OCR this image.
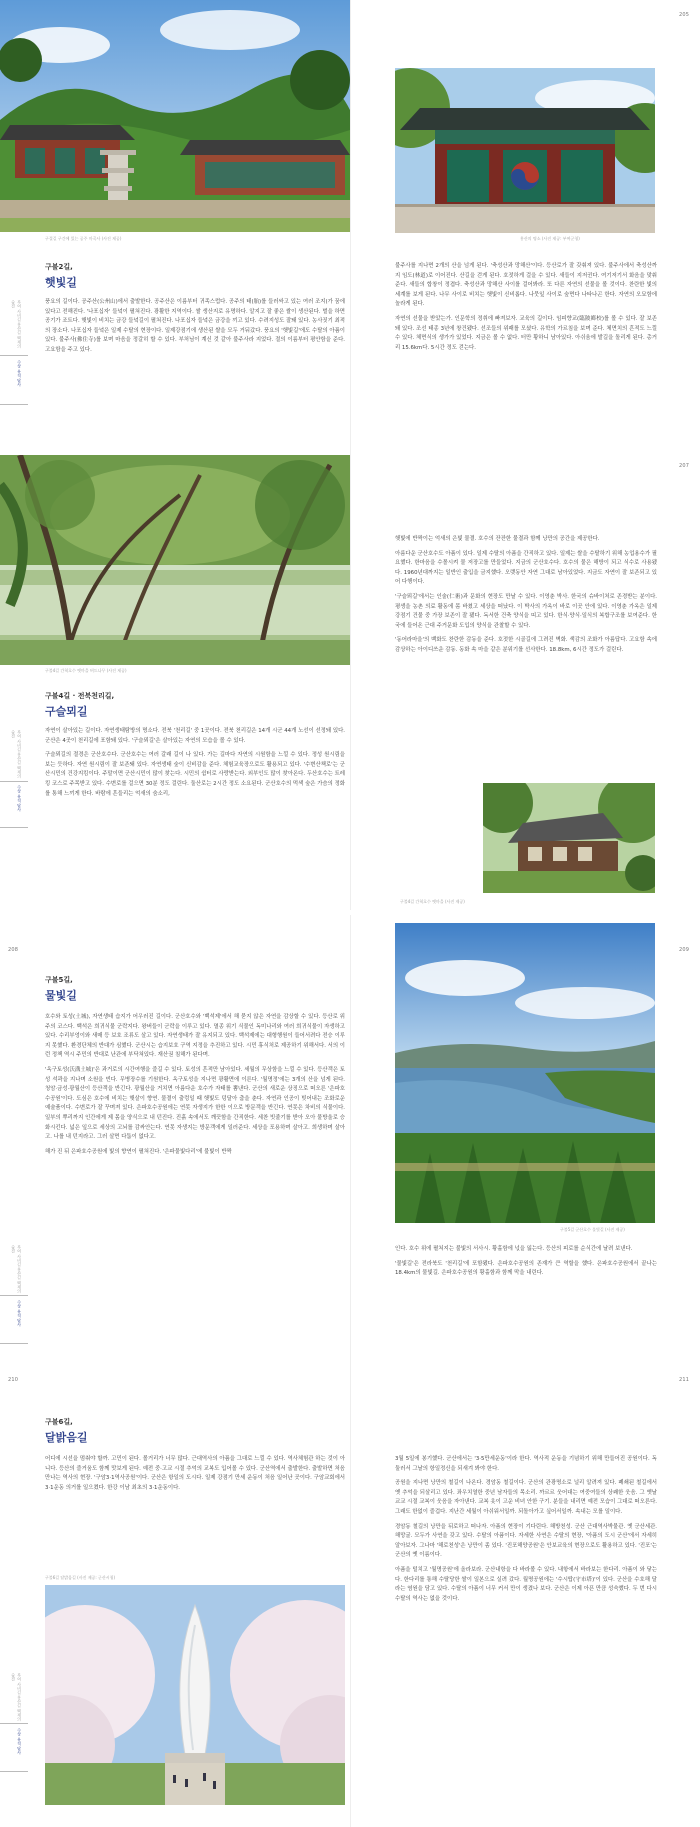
205
구절길 구간에 있는 공주 마곡사 (사진 제공)	홍산의 명소 (사진 제공: 부여군청)
구불2길,
햇빛길
부여 사비길 홍산길 백제의숨결
수상 유적 답사

풍요의 길이다. 공주산(公州山)에서 출발한다. 공주산은 이름부터 귀족스럽다. 공주의 태(胎)를 들러싸고 있는 여러 조지(가 꿈에 있다고 전해진다. '나포십자' 들녘이 펼쳐진다. 광활한 지역이다. 쌀 생산지로 유명하다. 알지고 잘 좋은 쌀이 생산된다. 벌을 하면 공기가 조트다. 햇빛이 비치는 금강 들녘길이 펼쳐진다. 나포십자 들녘은 금강을 끼고 있다. 수려지성도 잘돼 있다. 농사짓기 최적의 장소다. 나포십자 들녘은 일제 수탈의 현장이다. 일제강점기에 생산된 쌀을 모두 거둬갔다. 풍요의 '햇빛길'에도 수탈의 아픔이 있다. 불주사(佛住寺)를 보며 마음을 정갈히 할 수 있다. 부처님이 계신 것 같아 불주사라 지었다. 절의 이름부터 평안함을 준다. 고요함을 주고 있다.

불주사를 지나면 2개의 산을 넘게 된다. '축성산과 망해산'이다. 등산로가 잘 갖춰져 있다. 불주사에서 축성산까지 임도(林道)로 이어진다. 산길을 걷게 된다. 호젓하게 걸을 수 있다. 새들이 지저귄다. 여기저기서 화음을 맞춰준다. 새들의 합창이 정겹다. 축성산과 망해산 사이를 걸어봐라. 또 다른 자연의 선물을 볼 것이다. 찬란한 빛의 세계를 보게 된다. 나무 사이로 비치는 햇빛이 신비롭다. 나뭇잎 사이로 숲면다 나타나곤 한다. 자연의 오묘함에 놀라게 된다.

자연의 선물을 받았는가. 인문학의 정취에 빠져보자. 교육의 길이다. 임피향교(臨陂鄕校)를 볼 수 있다. 잘 보존돼 있다. 조선 태종 3년에 창건됐다. 선조들의 위패를 모셨다. 유학의 가르침을 보며 준다. 체면치의 흔적도 느낄 수 있다. 체면식의 생가가 있었다. 지금은 볼 수 없다. 터만 황하니 남아있다. 아쉬움에 발길을 돌리게 된다. 총거리 15.6km다. 5시간 정도 걷는다.

207
구불4길 간척호수 옛마을 버드나무 (사진 제공)
구불4길 · 전북천리길,
구슬뫼길
부여 사비길 홍산길 백제의숨결
수상 유적 답사

자연이 살아있는 길이다. 자연생태탐방의 명소다. 전북 '천리길' 중 1곳이다. 전북 천리길은 14개 시군 44개 노선이 선정돼 있다. 군산은 4곳이 천리길에 포함돼 있다. '구슬뫼길'은 살아있는 자연의 모습을 볼 수 있다.

구슬뫼길의 절경은 군산호수다. 군산호수는 여러 갈래 길이 나 있다. 가는 길마다 자연의 시원함을 느낄 수 있다. 정성 원시림을 보는 듯하다. 자연 원시림이 잘 보존돼 있다. 자연생태 숲이 신비감을 준다. 체험교육장으로도 활용되고 있다. '수변산책로'는 군산시민의 건강지킴이다. 주말이면 군산시민이 많이 찾는다. 시민의 쉼터로 사랑받는다. 외부인도 많이 찾아온다. 두산호수는 트레킹 코스로 주목받고 있다. 수변로를 걸으면 30분 정도 걸린다. 둘산로는 2시간 정도 소요된다. 군산호수의 먹색 숲은 가슴의 정화를 통해 느끼게 한다. 바람에 흔들리는 억새의 숨소리,

햇빛에 반짝이는 억새의 은빛 물결. 호수의 잔잔한 물결과 함께 낭만의 공간을 제공한다.

아름다운 군산호수도 아픔이 있다. 일제 수탈의 아픔을 간직하고 있다. 일제는 쌀을 수탈하기 위해 농업용수가 필요했다. 한마음을 수몰시켜 물 저장고를 만들었다. 지금의 군산호수다. 호수의 물은 해방이 되고 식수로 사용됐다. 1960년대까지는 일반인 출입을 금지했다. 오랫동안 자연 그대로 남아있었다. 지금도 자연이 잘 보존되고 있어 다행이다.

'구슬뫼길'에서는 인술(仁術)과 문화의 현장도 만날 수 있다. 이영춘 박사. 한국의 슈바이처로 존경받는 분이다. 평생을 농촌 의료 활동에 몸 바쳤고 세상을 떠났다. 이 박사의 가옥이 바로 이곳 안에 있다. 이영춘 가옥은 일제 강점기 건물 중 가장 보존이 잘 됐다. 독서한 건축 양식을 띠고 있다. 한식·양식·일식의 복합구조를 보여준다. 한국에 들어온 근대 주거문화 도입의 양식을 관찰할 수 있다.

'동어라마을'의 백화도 찬란한 감동을 준다. 호젓한 시골길에 그려진 벽화. 색감의 조화가 아름답다. 고요함 속에 감상하는 아이디쓰운 감동. 동화 속 마을 같은 분위기를 선사한다. 18.8km, 6시간 정도가 걸린다.

구불4길 간척호수 옛마을 (사진 제공)
208	209
구불5길,
물빛길
부여 사비길 홍산길 백제의숨결
수상 유적 답사

호수와 토성(土城), 자연생태 습지가 어우러진 길이다. 군산호수와 '백석제'에서 해 묻지 않은 자연을 감상할 수 있다. 등산로 위주의 코스다. 백석은 희귀식물 군락지다. 왕버들이 군락을 이루고 있다. 멸종 위기 식물인 독미나리와 여러 희귀식물이 자생하고 있다. 수리부엉이와 새매 등 보호 조류도 살고 있다. 자연생태가 잘 유지되고 있다. 백석제에는 대형행원이 들어서려다 전승 이루지 못했다. 환경단체의 반대가 심했다. 군산시는 습지보호 구역 지정을 추진하고 있다. 시민 휴식처로 제공하기 위해서다. 서의 이런 정책 역시 주민의 반대로 난관에 부닥쳐있다. 재산권 침해가 된다며.

'옥구토성(沃溝土城)'은 과거로의 시간여행을 즐길 수 있다. 토성의 흔적만 남아있다. 세월의 무상함을 느낄 수 있다. 등산객은 토성 석곽을 지나며 소원을 빈다. 무병장수를 기원한다. 옥구토성을 지나면 광활면에 이른다. '월명정'에는 3개의 산을 넘게 된다. 청암·금성·광월산이 등산객을 반긴다. 광월산을 거치면 아름다운 호수가 자태를 뽐낸다. 군산의 새로운 상징으로 떠오른 '은파호수공원'이다. 도심은 호수에 비치는 햇살이 향연. 물결이 출렁일 때 햇빛도 덩달아 춤을 춘다. 자연과 인공이 빚어내는 조화로운 예술품이다. 수변로가 잘 꾸며져 있다. 은파호수공원에는 연못 자생지가 한한 이으로 방문객을 반긴다. 연못은 차비의 식물이다. 일부의 뿌리까지 인간에게 제 몸을 양식으로 내 던진다. 진흙 속에서도 깨끗함을 간직한다. 세찬 빗줄기를 받아 오아 물방울로 승화시킨다. 넓은 잎으로 세상의 고뇌를 감싸안는다. 연못 자생지는 방문객에게 일러준다. 세상을 포용하며 살아고. 희생하며 살아고. 나를 내 던지라고. 그러 살면 다툼이 없다고.

해가 진 뒤 은파호수공원에 빛의 향연이 펼쳐진다. '은파물빛다리'에 불빛이 반짝

구불5길 군산호수 물빛길 (사진 제공)

인다. 호수 위에 펼쳐지는 불빛의 서사시. 황홀함에 넋을 잃는다. 등산의 피로를 순식간에 날려 보낸다.

'물빛길'은 전라북도 '천리길'에 포함됐다. 은파호수공원의 존재가 큰 역할을 했다. 은파호수공원에서 끝나는 18.4km의 물빛길. 은파호수공원의 황홀함과 함께 막을 내린다.

210	211
구불6길,
달밝음길

어디에 시선을 멈춰야 할까. 고민이 된다. 볼거리가 너무 많다. 근대역사의 아픔을 그대로 느낄 수 있다. 역사체험관 하는 것이 아니다. 등산의 즐거움도 함께 맛보게 된다. 예전 중·고교 시절 추억의 교복도 입어볼 수 있다. 군산역에서 출발한다. 출발하면 처음 만나는 역사의 현장. '구암3·1역사공원'이다. 군산은 항일의 도시다. 일제 강점기 만세 운동이 처음 일어난 곳이다. 구암교회에서 3·1운동 의거를 일으켰다. 한강 이남 최초의 3·1운동이다.

구불6길 달밝음길 (사진 제공: 군산시청)
부여 사비길 홍산길 백제의숨결
수상 유적 답사

3월 5일에 봉기했다. 군산에서는 '3·5만세운동'이라 한다. 역사적 운동을 기념하기 위해 만들어진 공원이다. 독 둘러서 그날의 항일정신을 되새겨 봐야 한다.

공원을 지나면 낭만의 철길이 나온다. 경암동 철길이다. 군산의 관광명소로 널리 알려져 있다. 폐쇄된 철길에서 옛 추억을 되살리고 있다. 좌우치열한 중년 남자들의 목소리. 까르르 웃어대는 여중여들의 상쾌한 웃음. 그 옛날 교교 시절 교복이 웃음을 자아낸다. 교복 옷이 고운 비녀 안한 구기. 분들을 내리면 예전 모습이 그대로 떠오른다. 그래도 한없이 즐겁다. 지난간 세월이 아쉬워서일까. 되돌아가고 싶어서일까. 속내는 모를 일이다.

경암동 철길의 낭만을 뒤로하고 떠나자. 아픔의 현장이 기다린다. 해방천성. 군산 근대역사박물관. 옛 군산세관. 해망굴. 모두가 사연을 갖고 있다. 수탈의 아픔이다. 자세한 사연은 수탈의 현장, '아픔의 도시 군산'에서 자세히 알아보자. 그나마 '해로천성'은 낭만이 좀 있다. '진포해양공원'은 안보교육의 현장으로도 활용하고 있다. '진포'는 군산의 옛 이름이다.

아픔을 털치고 '월명공원'에 올라보라. 군산내항을 다 바라볼 수 있다. 내항에서 바라보는 한다리. 아픔이 와 닿는다. 한다리를 통해 수탈당한 쌀이 일본으로 실려 갔다. 월명공원에는 '수시탑(守市塔)'이 있다. 군산을 수호해 달라는 염원을 담고 있다. 수탈의 아픔이 너무 커서 만이 생겼나 보다. 군산은 이제 아픈 만큼 성숙했다. 두 번 다시 수탈의 역사는 없을 것이다.
